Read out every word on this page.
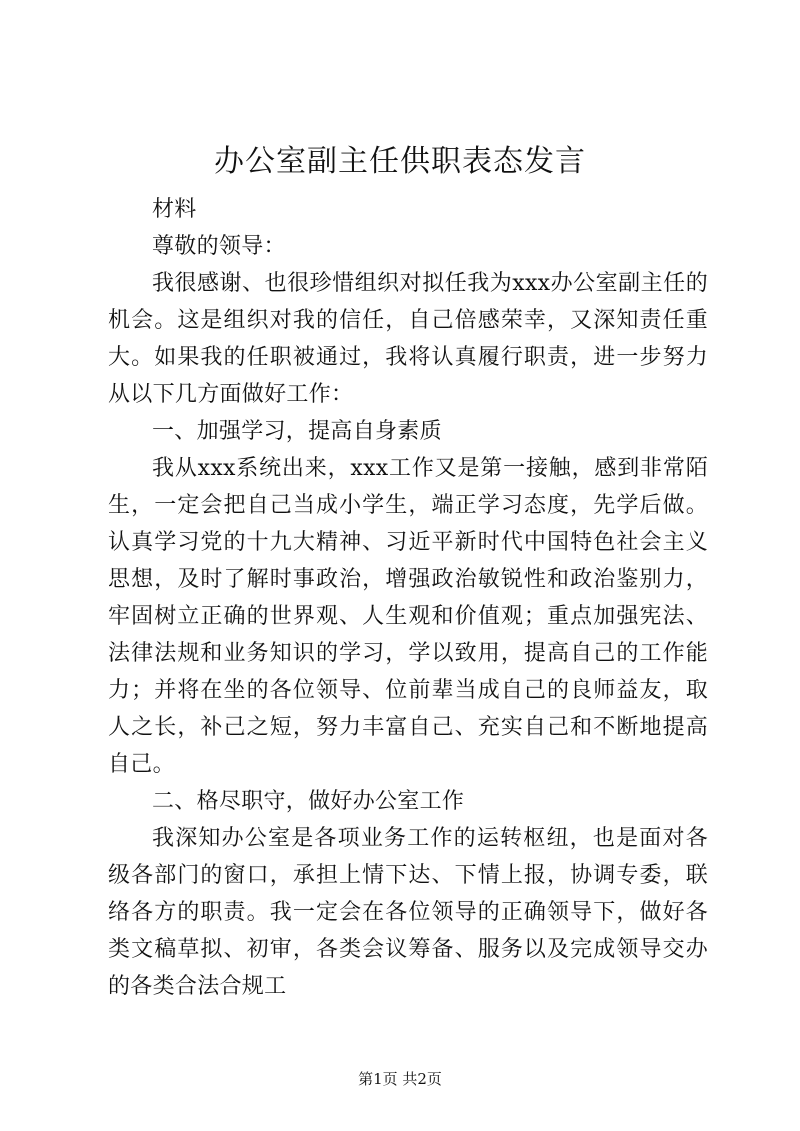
办公室副主任供职表态发言

材料

尊敬的领导：

我很感谢、也很珍惜组织对拟任我为xxx办公室副主任的机会。这是组织对我的信任，自己倍感荣幸，又深知责任重大。如果我的任职被通过，我将认真履行职责，进一步努力从以下几方面做好工作：

一、加强学习，提高自身素质

我从xxx系统出来，xxx工作又是第一接触，感到非常陌生，一定会把自己当成小学生，端正学习态度，先学后做。认真学习党的十九大精神、习近平新时代中国特色社会主义思想，及时了解时事政治，增强政治敏锐性和政治鉴别力，牢固树立正确的世界观、人生观和价值观；重点加强宪法、法律法规和业务知识的学习，学以致用，提高自己的工作能力；并将在坐的各位领导、位前辈当成自己的良师益友，取人之长，补己之短，努力丰富自己、充实自己和不断地提高自己。

二、格尽职守，做好办公室工作

我深知办公室是各项业务工作的运转枢纽，也是面对各级各部门的窗口，承担上情下达、下情上报，协调专委，联络各方的职责。我一定会在各位领导的正确领导下，做好各类文稿草拟、初审，各类会议筹备、服务以及完成领导交办的各类合法合规工

第1页 共2页
